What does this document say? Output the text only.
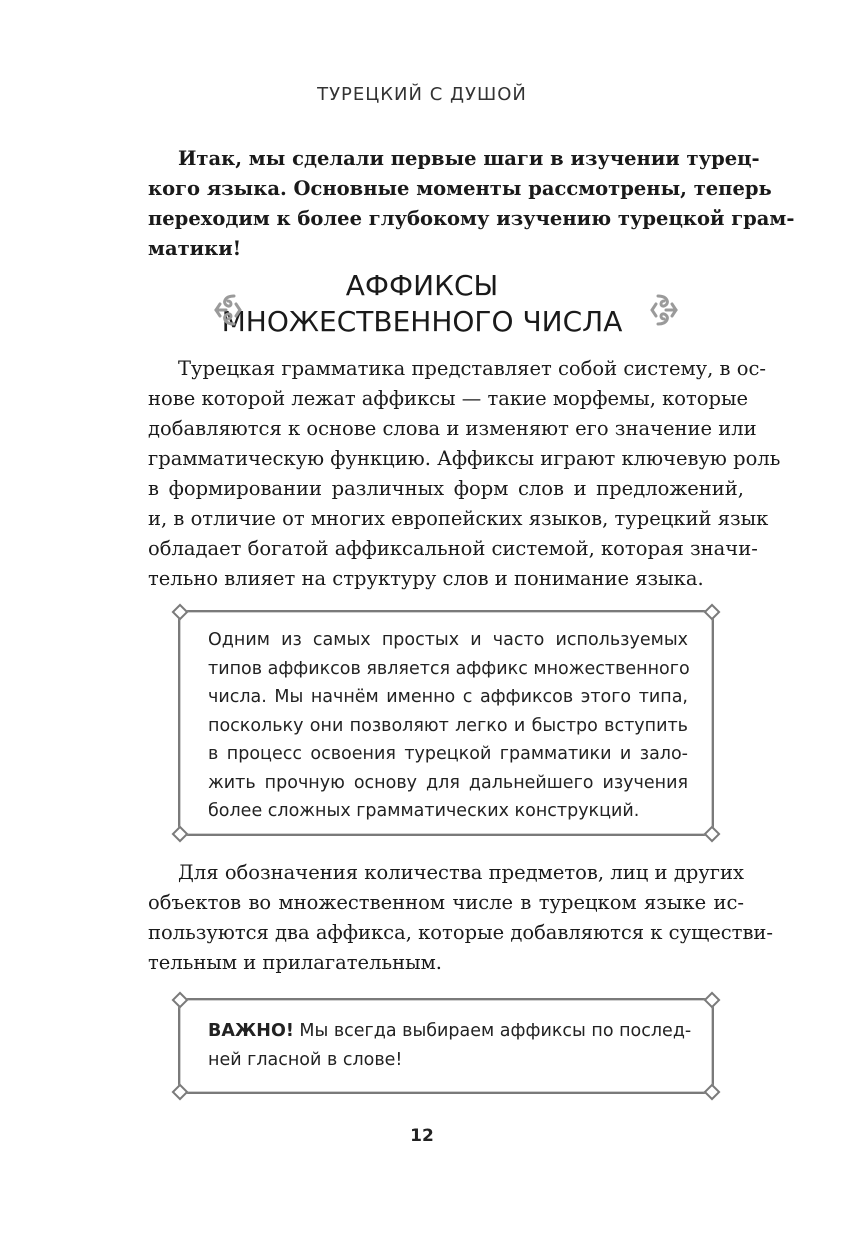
ТУРЕЦКИЙ С ДУШОЙ
Итак, мы сделали первые шаги в изучении турец-
кого языка. Основные моменты рассмотрены, теперь
переходим к более глубокому изучению турецкой грам-
матики!
АФФИКСЫ
МНОЖЕСТВЕННОГО ЧИСЛА
Турецкая грамматика представляет собой систему, в ос-
нове которой лежат аффиксы — такие морфемы, которые
добавляются к основе слова и изменяют его значение или
грамматическую функцию. Аффиксы играют ключевую роль
в формировании различных форм слов и предложений,
и, в отличие от многих европейских языков, турецкий язык
обладает богатой аффиксальной системой, которая значи-
тельно влияет на структуру слов и понимание языка.
Одним из самых простых и часто используемых
типов аффиксов является аффикс множественного
числа. Мы начнём именно с аффиксов этого типа,
поскольку они позволяют легко и быстро вступить
в процесс освоения турецкой грамматики и зало-
жить прочную основу для дальнейшего изучения
более сложных грамматических конструкций.
Для обозначения количества предметов, лиц и других
объектов во множественном числе в турецком языке ис-
пользуются два аффикса, которые добавляются к существи-
тельным и прилагательным.
ВАЖНО! Мы всегда выбираем аффиксы по послед-
ней гласной в слове!
12
